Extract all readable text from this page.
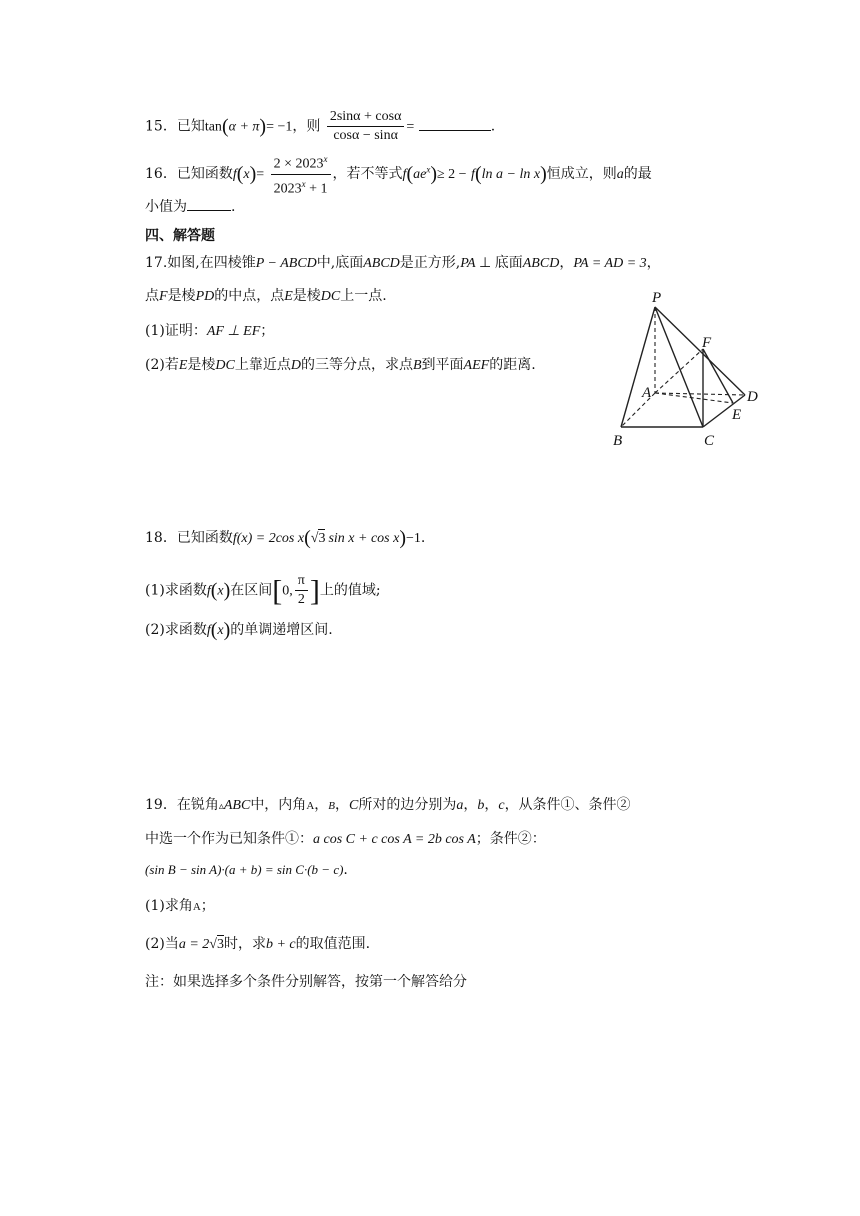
15．已知tan(α + π)= −1，则 $\frac{2\sin\alpha + \cos\alpha}{\cos\alpha - \sin\alpha}$ =	.
16．已知函数$f(x)= \frac{2 \times 2023^x}{2023^x + 1}$ ，若不等式$f(ae^x)\ge 2 - f(\ln$ a − ln x)恒成立，则a的最
小值为	.
四、解答题
17.如图,在四棱锥P − ABCD中,底面ABCD是正方形,PA ⊥ 底面ABCD，PA = AD = 3，
点F是棱PD的中点，点E是棱DC上一点.
(1)证明：AF ⊥ EF；
(2)若E是棱DC上靠近点D的三等分点，求点B到平面AEF的距离.
P
F
A	D
E
B	C
18．已知函数f(x) = 2cos x(√3 sin x + cos x)−1.
(1)求函数f(x)在区间[0, $\frac{\pi}{2}$ ]上的值域;
(2)求函数f(x)的单调递增区间.
19．在锐角▵ABC中，内角A，B，C所对的边分别为a，b，c，从条件①、条件②
中选一个作为已知条件①：a cos C + c cos A = 2b cos A；条件②：
(sin B − sin A)·(a + b) = sin C·(b − c).
(1)求角A；
(2)当a = 2√3时，求b + c的取值范围.
注：如果选择多个条件分别解答，按第一个解答给分
